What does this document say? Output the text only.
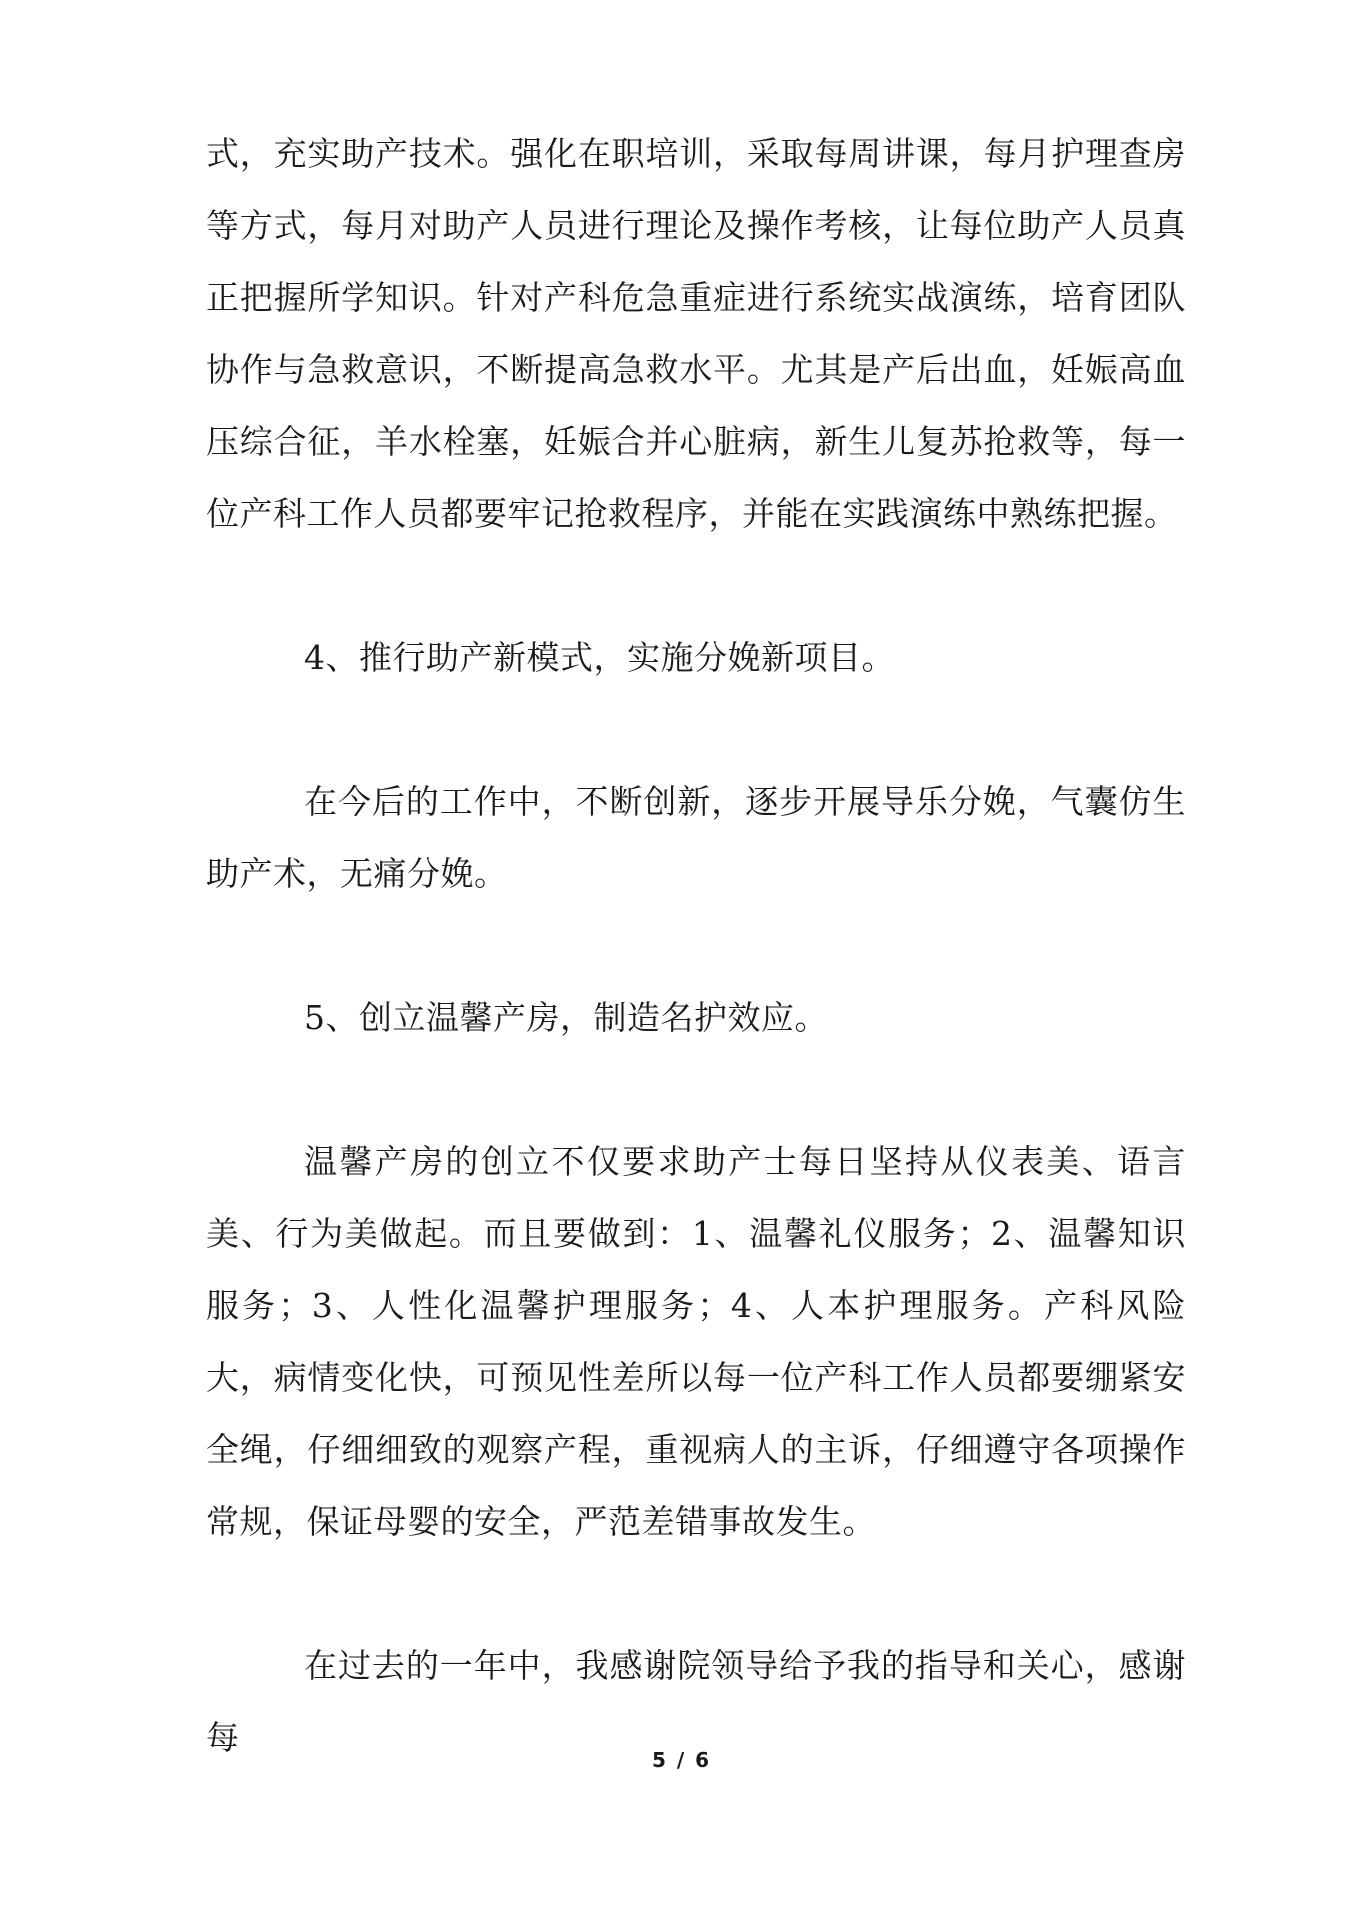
式，充实助产技术。强化在职培训，采取每周讲课，每月护理查房等方式，每月对助产人员进行理论及操作考核，让每位助产人员真正把握所学知识。针对产科危急重症进行系统实战演练，培育团队协作与急救意识，不断提高急救水平。尤其是产后出血，妊娠高血压综合征，羊水栓塞，妊娠合并心脏病，新生儿复苏抢救等，每一位产科工作人员都要牢记抢救程序，并能在实践演练中熟练把握。

4、推行助产新模式，实施分娩新项目。

在今后的工作中，不断创新，逐步开展导乐分娩，气囊仿生助产术，无痛分娩。

5、创立温馨产房，制造名护效应。

温馨产房的创立不仅要求助产士每日坚持从仪表美、语言美、行为美做起。而且要做到：1、温馨礼仪服务；2、温馨知识服务；3、人性化温馨护理服务；4、人本护理服务。产科风险大，病情变化快，可预见性差所以每一位产科工作人员都要绷紧安全绳，仔细细致的观察产程，重视病人的主诉，仔细遵守各项操作常规，保证母婴的安全，严范差错事故发生。

在过去的一年中，我感谢院领导给予我的指导和关心，感谢每

5 / 6
